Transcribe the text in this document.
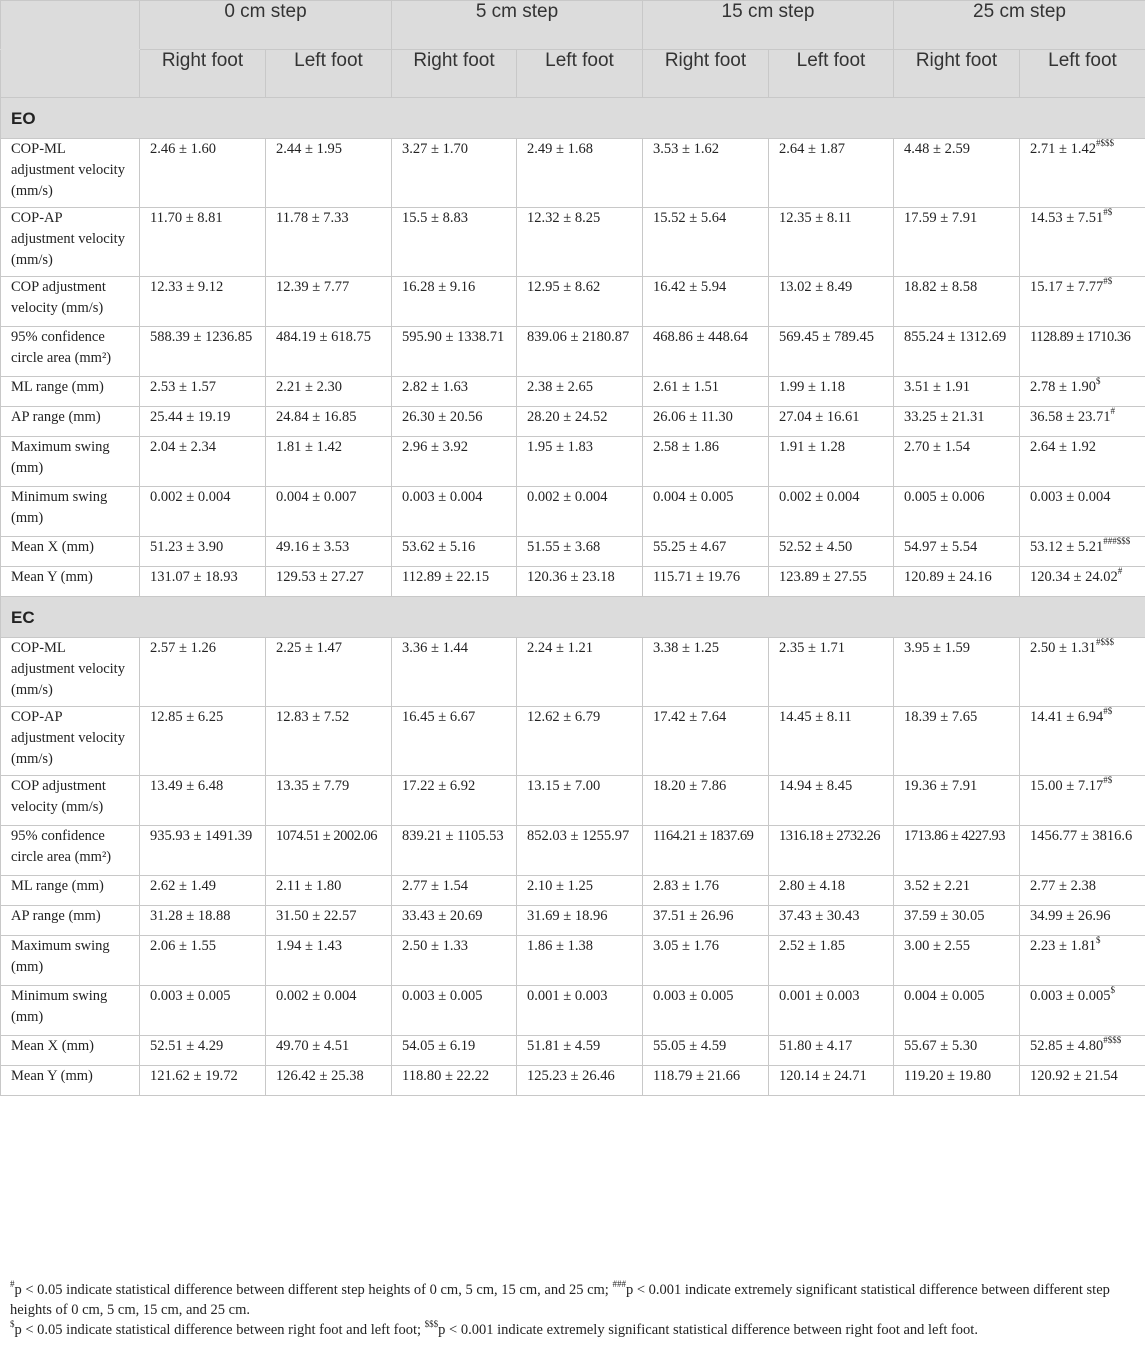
	0 cm step		5 cm step		15 cm step		25 cm step	
	Right foot	Left foot	Right foot	Left foot	Right foot	Left foot	Right foot	Left foot
EO								
COP-ML adjustment velocity (mm/s)	2.46 ± 1.60	2.44 ± 1.95	3.27 ± 1.70	2.49 ± 1.68	3.53 ± 1.62	2.64 ± 1.87	4.48 ± 2.59	2.71 ± 1.42#$$$
COP-AP adjustment velocity (mm/s)	11.70 ± 8.81	11.78 ± 7.33	15.5 ± 8.83	12.32 ± 8.25	15.52 ± 5.64	12.35 ± 8.11	17.59 ± 7.91	14.53 ± 7.51#$
COP adjustment velocity (mm/s)	12.33 ± 9.12	12.39 ± 7.77	16.28 ± 9.16	12.95 ± 8.62	16.42 ± 5.94	13.02 ± 8.49	18.82 ± 8.58	15.17 ± 7.77#$
95% confidence circle area (mm²)	588.39 ± 1236.85	484.19 ± 618.75	595.90 ± 1338.71	839.06 ± 2180.87	468.86 ± 448.64	569.45 ± 789.45	855.24 ± 1312.69	1128.89 ± 1710.36
ML range (mm)	2.53 ± 1.57	2.21 ± 2.30	2.82 ± 1.63	2.38 ± 2.65	2.61 ± 1.51	1.99 ± 1.18	3.51 ± 1.91	2.78 ± 1.90$
AP range (mm)	25.44 ± 19.19	24.84 ± 16.85	26.30 ± 20.56	28.20 ± 24.52	26.06 ± 11.30	27.04 ± 16.61	33.25 ± 21.31	36.58 ± 23.71#
Maximum swing (mm)	2.04 ± 2.34	1.81 ± 1.42	2.96 ± 3.92	1.95 ± 1.83	2.58 ± 1.86	1.91 ± 1.28	2.70 ± 1.54	2.64 ± 1.92
Minimum swing (mm)	0.002 ± 0.004	0.004 ± 0.007	0.003 ± 0.004	0.002 ± 0.004	0.004 ± 0.005	0.002 ± 0.004	0.005 ± 0.006	0.003 ± 0.004
Mean X (mm)	51.23 ± 3.90	49.16 ± 3.53	53.62 ± 5.16	51.55 ± 3.68	55.25 ± 4.67	52.52 ± 4.50	54.97 ± 5.54	53.12 ± 5.21###$$$
Mean Y (mm)	131.07 ± 18.93	129.53 ± 27.27	112.89 ± 22.15	120.36 ± 23.18	115.71 ± 19.76	123.89 ± 27.55	120.89 ± 24.16	120.34 ± 24.02#
EC								
COP-ML adjustment velocity (mm/s)	2.57 ± 1.26	2.25 ± 1.47	3.36 ± 1.44	2.24 ± 1.21	3.38 ± 1.25	2.35 ± 1.71	3.95 ± 1.59	2.50 ± 1.31#$$$
COP-AP adjustment velocity (mm/s)	12.85 ± 6.25	12.83 ± 7.52	16.45 ± 6.67	12.62 ± 6.79	17.42 ± 7.64	14.45 ± 8.11	18.39 ± 7.65	14.41 ± 6.94#$
COP adjustment velocity (mm/s)	13.49 ± 6.48	13.35 ± 7.79	17.22 ± 6.92	13.15 ± 7.00	18.20 ± 7.86	14.94 ± 8.45	19.36 ± 7.91	15.00 ± 7.17#$
95% confidence circle area (mm²)	935.93 ± 1491.39	1074.51 ± 2002.06	839.21 ± 1105.53	852.03 ± 1255.97	1164.21 ± 1837.69	1316.18 ± 2732.26	1713.86 ± 4227.93	1456.77 ± 3816.6
ML range (mm)	2.62 ± 1.49	2.11 ± 1.80	2.77 ± 1.54	2.10 ± 1.25	2.83 ± 1.76	2.80 ± 4.18	3.52 ± 2.21	2.77 ± 2.38
AP range (mm)	31.28 ± 18.88	31.50 ± 22.57	33.43 ± 20.69	31.69 ± 18.96	37.51 ± 26.96	37.43 ± 30.43	37.59 ± 30.05	34.99 ± 26.96
Maximum swing (mm)	2.06 ± 1.55	1.94 ± 1.43	2.50 ± 1.33	1.86 ± 1.38	3.05 ± 1.76	2.52 ± 1.85	3.00 ± 2.55	2.23 ± 1.81$
Minimum swing (mm)	0.003 ± 0.005	0.002 ± 0.004	0.003 ± 0.005	0.001 ± 0.003	0.003 ± 0.005	0.001 ± 0.003	0.004 ± 0.005	0.003 ± 0.005$
Mean X (mm)	52.51 ± 4.29	49.70 ± 4.51	54.05 ± 6.19	51.81 ± 4.59	55.05 ± 4.59	51.80 ± 4.17	55.67 ± 5.30	52.85 ± 4.80#$$$
Mean Y (mm)	121.62 ± 19.72	126.42 ± 25.38	118.80 ± 22.22	125.23 ± 26.46	118.79 ± 21.66	120.14 ± 24.71	119.20 ± 19.80	120.92 ± 21.54

#p < 0.05 indicate statistical difference between different step heights of 0 cm, 5 cm, 15 cm, and 25 cm; ###p < 0.001 indicate extremely significant statistical difference between different step heights of 0 cm, 5 cm, 15 cm, and 25 cm.

$p < 0.05 indicate statistical difference between right foot and left foot; $$$p < 0.001 indicate extremely significant statistical difference between right foot and left foot.
